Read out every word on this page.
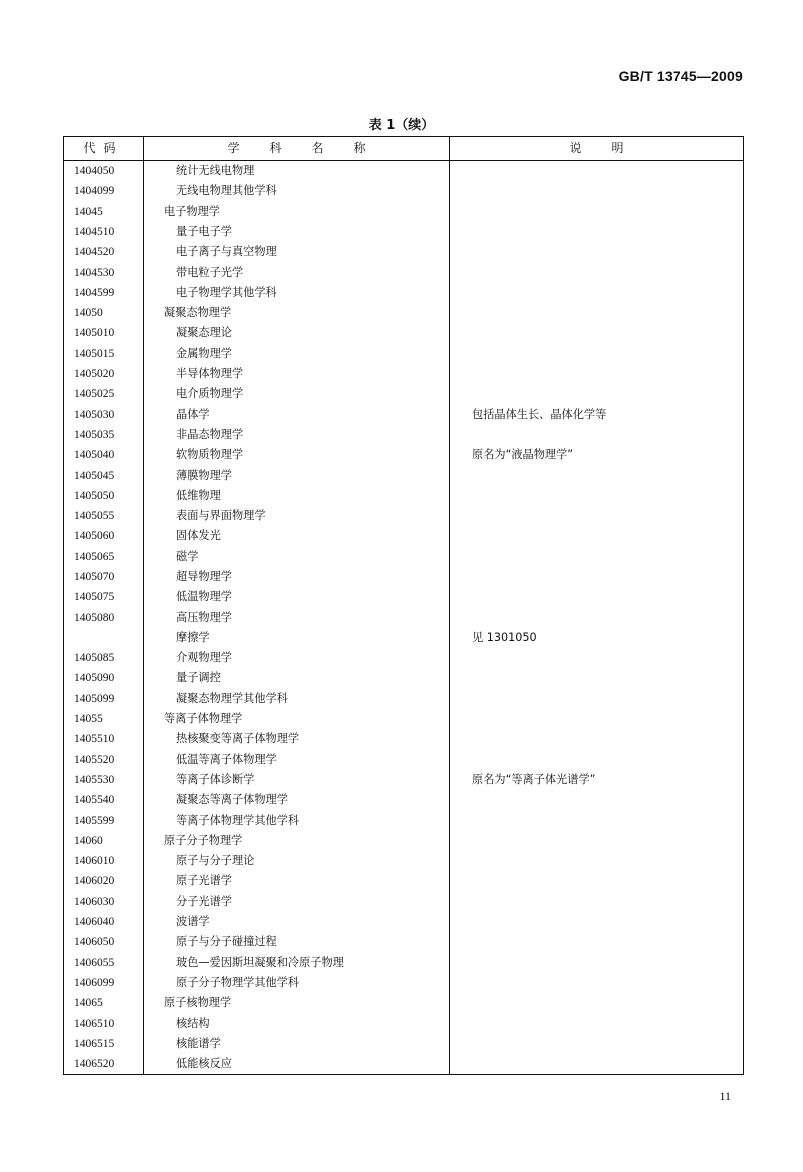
GB/T 13745—2009
表 1（续）
代码	学科名称	说明
1404050	统计无线电物理	
1404099	无线电物理其他学科	
14045	电子物理学	
1404510	量子电子学	
1404520	电子离子与真空物理	
1404530	带电粒子光学	
1404599	电子物理学其他学科	
14050	凝聚态物理学	
1405010	凝聚态理论	
1405015	金属物理学	
1405020	半导体物理学	
1405025	电介质物理学	
1405030	晶体学	包括晶体生长、晶体化学等
1405035	非晶态物理学	
1405040	软物质物理学	原名为“液晶物理学”
1405045	薄膜物理学	
1405050	低维物理	
1405055	表面与界面物理学	
1405060	固体发光	
1405065	磁学	
1405070	超导物理学	
1405075	低温物理学	
1405080	高压物理学	
	摩擦学	见 1301050
1405085	介观物理学	
1405090	量子调控	
1405099	凝聚态物理学其他学科	
14055	等离子体物理学	
1405510	热核聚变等离子体物理学	
1405520	低温等离子体物理学	
1405530	等离子体诊断学	原名为“等离子体光谱学”
1405540	凝聚态等离子体物理学	
1405599	等离子体物理学其他学科	
14060	原子分子物理学	
1406010	原子与分子理论	
1406020	原子光谱学	
1406030	分子光谱学	
1406040	波谱学	
1406050	原子与分子碰撞过程	
1406055	玻色—爱因斯坦凝聚和冷原子物理	
1406099	原子分子物理学其他学科	
14065	原子核物理学	
1406510	核结构	
1406515	核能谱学	
1406520	低能核反应	
11
